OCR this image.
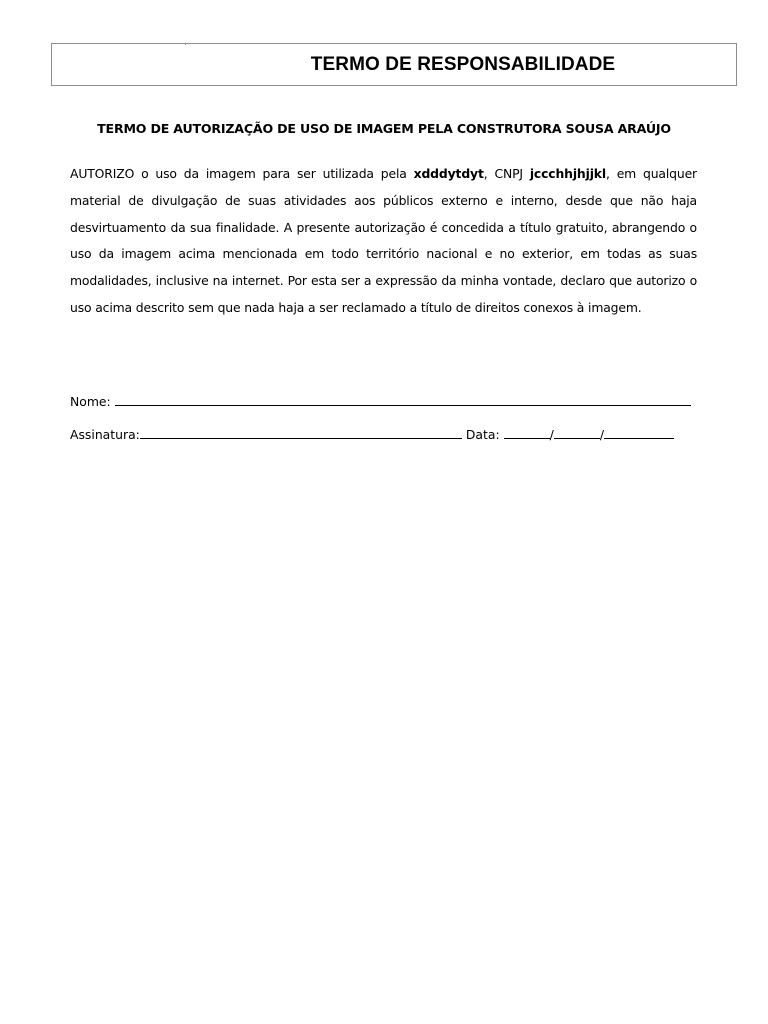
TERMO DE RESPONSABILIDADE
TERMO DE AUTORIZAÇÃO DE USO DE IMAGEM PELA CONSTRUTORA SOUSA ARAÚJO
AUTORIZO o uso da imagem para ser utilizada pela xdddytdyt, CNPJ jccchhjhjjkl, em qualquer material de divulgação de suas atividades aos públicos externo e interno, desde que não haja desvirtuamento da sua finalidade. A presente autorização é concedida a título gratuito, abrangendo o uso da imagem acima mencionada em todo território nacional e no exterior, em todas as suas modalidades, inclusive na internet. Por esta ser a expressão da minha vontade, declaro que autorizo o uso acima descrito sem que nada haja a ser reclamado a título de direitos conexos à imagem.
Nome:
Assinatura:	Data:	/	/
